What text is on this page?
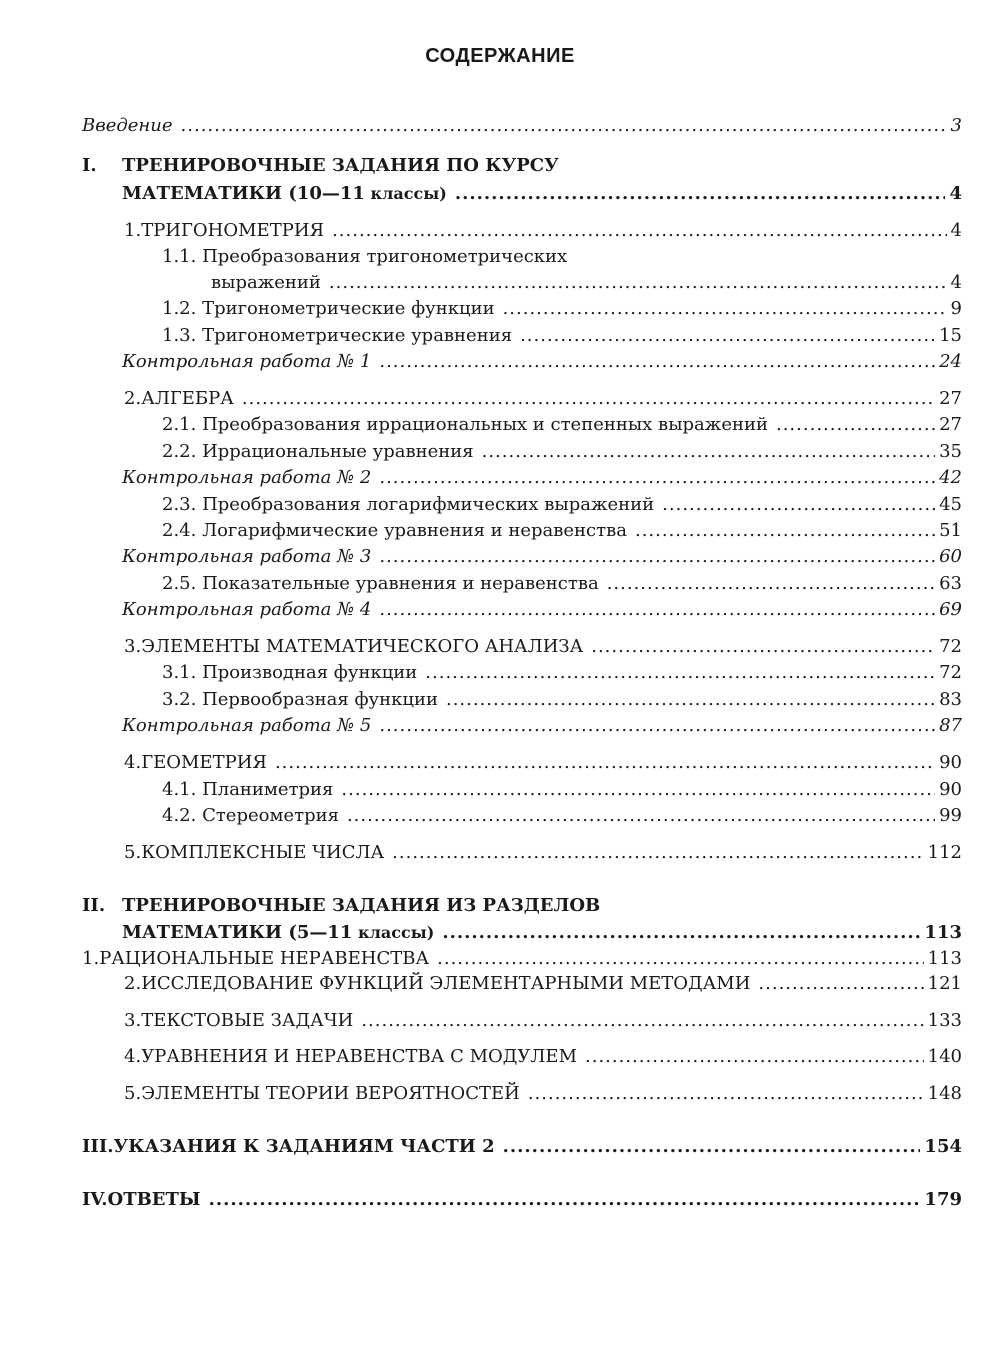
СОДЕРЖАНИЕ
Введение .....	3
I. ТРЕНИРОВОЧНЫЕ ЗАДАНИЯ ПО КУРСУ
МАТЕМАТИКИ (10—11 классы) .....	4
1. ТРИГОНОМЕТРИЯ .....	4
1.1. Преобразования тригонометрических
выражений .....	4
1.2. Тригонометрические функции .....	9
1.3. Тригонометрические уравнения .....	15
Контрольная работа № 1 .....	24
2. АЛГЕБРА .....	27
2.1. Преобразования иррациональных и степенных выражений .....	27
2.2. Иррациональные уравнения .....	35
Контрольная работа № 2 .....	42
2.3. Преобразования логарифмических выражений .....	45
2.4. Логарифмические уравнения и неравенства .....	51
Контрольная работа № 3 .....	60
2.5. Показательные уравнения и неравенства .....	63
Контрольная работа № 4 .....	69
3. ЭЛЕМЕНТЫ МАТЕМАТИЧЕСКОГО АНАЛИЗА .....	72
3.1. Производная функции .....	72
3.2. Первообразная функции .....	83
Контрольная работа № 5 .....	87
4. ГЕОМЕТРИЯ .....	90
4.1. Планиметрия .....	90
4.2. Стереометрия .....	99
5. КОМПЛЕКСНЫЕ ЧИСЛА .....	112
II. ТРЕНИРОВОЧНЫЕ ЗАДАНИЯ ИЗ РАЗДЕЛОВ
МАТЕМАТИКИ (5—11 классы) .....	113
1. РАЦИОНАЛЬНЫЕ НЕРАВЕНСТВА .....	113
2. ИССЛЕДОВАНИЕ ФУНКЦИЙ ЭЛЕМЕНТАРНЫМИ МЕТОДАМИ .....	121
3. ТЕКСТОВЫЕ ЗАДАЧИ .....	133
4. УРАВНЕНИЯ И НЕРАВЕНСТВА С МОДУЛЕМ .....	140
5. ЭЛЕМЕНТЫ ТЕОРИИ ВЕРОЯТНОСТЕЙ .....	148
III. УКАЗАНИЯ К ЗАДАНИЯМ ЧАСТИ 2 .....	154
IV. ОТВЕТЫ .....	179
